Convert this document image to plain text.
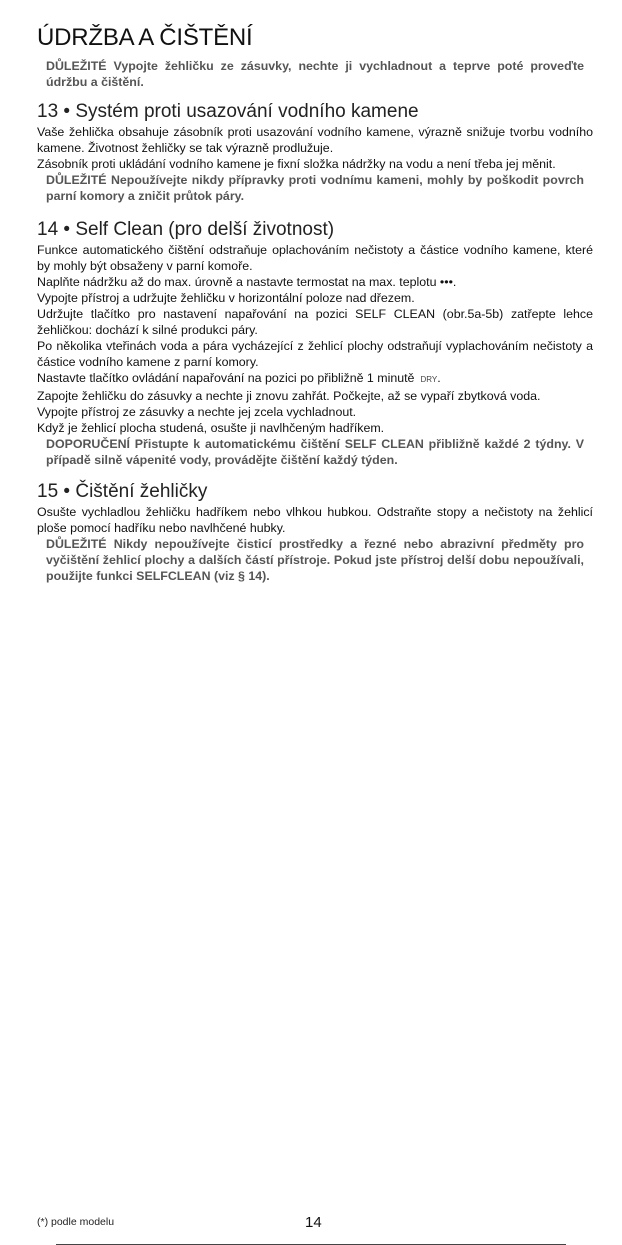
ÚDRŽBA A ČIŠTĚNÍ
DŮLEŽITÉ Vypojte žehličku ze zásuvky, nechte ji vychladnout a teprve poté proveďte údržbu a čištění.
13 • Systém proti usazování vodního kamene

Vaše žehlička obsahuje zásobník proti usazování vodního kamene, výrazně snižuje tvorbu vodního kamene. Životnost žehličky se tak výrazně prodlužuje.

Zásobník proti ukládání vodního kamene je fixní složka nádržky na vodu a není třeba jej měnit.

DŮLEŽITÉ Nepoužívejte nikdy přípravky proti vodnímu kameni, mohly by poškodit povrch parní komory a zničit průtok páry.
14 • Self Clean (pro delší životnost)

Funkce automatického čištění odstraňuje oplachováním nečistoty a částice vodního kamene, které by mohly být obsaženy v parní komoře.

Naplňte nádržku až do max. úrovně a nastavte termostat na max. teplotu •••.

Vypojte přístroj a udržujte žehličku v horizontální poloze nad dřezem.

Udržujte tlačítko pro nastavení napařování na pozici SELF CLEAN (obr.5a-5b) zatřepte lehce žehličkou: dochází k silné produkci páry.

Po několika vteřinách voda a pára vycházející z žehlicí plochy odstraňují vyplachováním nečistoty a částice vodního kamene z parní komory.

Nastavte tlačítko ovládání napařování na pozici po přibližně 1 minutě DRY.

Zapojte žehličku do zásuvky a nechte ji znovu zahřát. Počkejte, až se vypaří zbytková voda.

Vypojte přístroj ze zásuvky a nechte jej zcela vychladnout.

Když je žehlicí plocha studená, osušte ji navlhčeným hadříkem.

DOPORUČENÍ Přistupte k automatickému čištění SELF CLEAN přibližně každé 2 týdny. V případě silně vápenité vody, provádějte čištění každý týden.
15 • Čištění žehličky

Osušte vychladlou žehličku hadříkem nebo vlhkou hubkou. Odstraňte stopy a nečistoty na žehlicí ploše pomocí hadříku nebo navlhčené hubky.

DŮLEŽITÉ Nikdy nepoužívejte čisticí prostředky a řezné nebo abrazivní předměty pro vyčištění žehlicí plochy a dalších částí přístroje. Pokud jste přístroj delší dobu nepoužívali, použijte funkci SELFCLEAN (viz § 14).
(*) podle modelu	14
